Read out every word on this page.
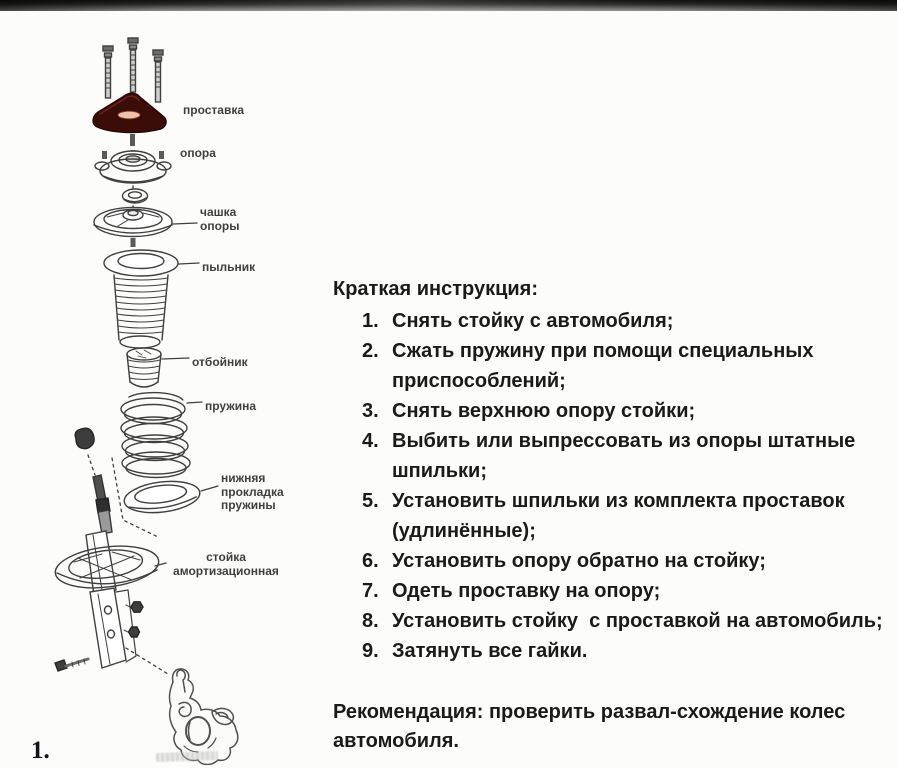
проставка
опора
чашка
опоры
пыльник
отбойник
пружина
нижняя
прокладка
пружины
стойка
амортизационная
Краткая инструкция:
1. Снять стойку с автомобиля;
2. Сжать пружину при помощи специальных
приспособлений;
3. Снять верхнюю опору стойки;
4. Выбить или выпрессовать из опоры штатные
шпильки;
5. Установить шпильки из комплекта проставок
(удлинённые);
6. Установить опору обратно на стойку;
7. Одеть проставку на опору;
8. Установить стойку  с проставкой на автомобиль;
9. Затянуть все гайки.

Рекомендация: проверить развал-схождение колес
автомобиля.

1.
